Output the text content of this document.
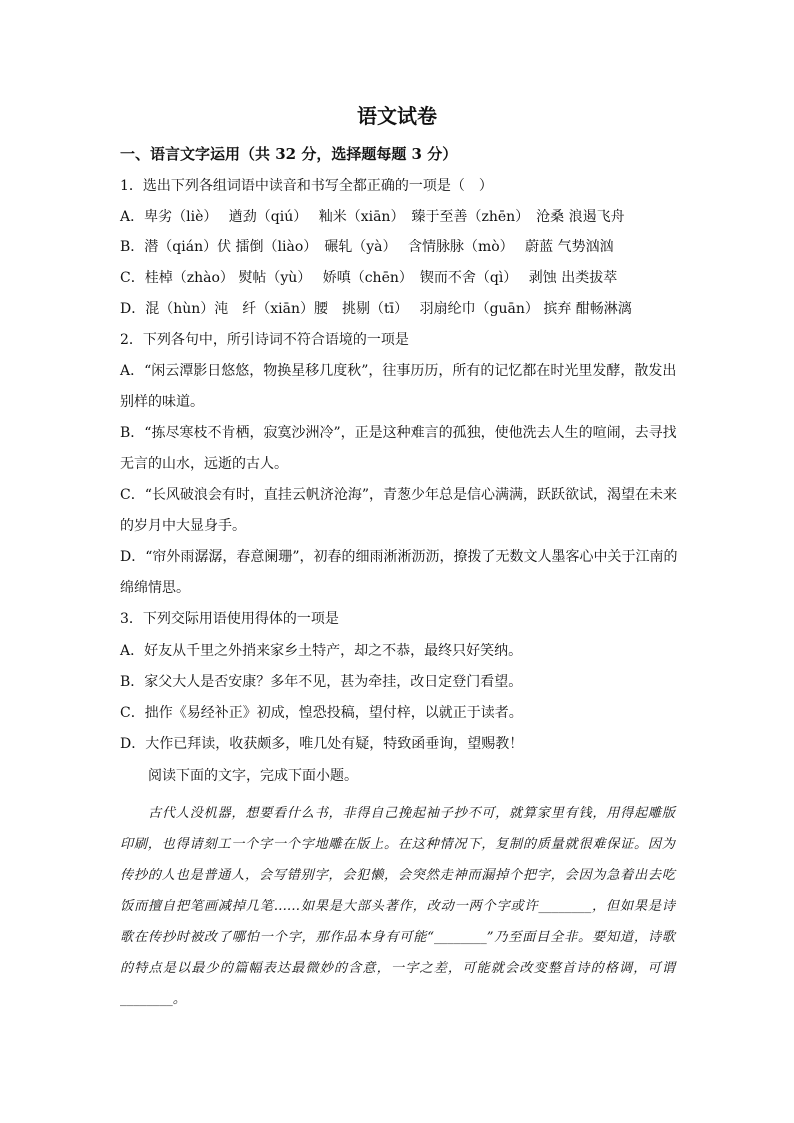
语文试卷
一、语言文字运用（共 32 分，选择题每题 3 分）
1．选出下列各组词语中读音和书写全都正确的一项是（　）
A．卑劣（liè）　 遒劲（qiú）　 籼米（xiān）　臻于至善（zhēn）　沧桑 浪遏飞舟
B．潜（qián）伏 擂倒（liào）　碾轧（yà）　 含情脉脉（mò）　 蔚蓝 气势汹汹
C．桂棹（zhào） 熨帖（yù）　 娇嗔（chēn）　锲而不舍（qì）　 剥蚀 出类拔萃
D．混（hùn）沌　纤（xiān）腰　挑剔（tī）　 羽扇纶巾（guān） 摈弃 酣畅淋漓
2．下列各句中，所引诗词不符合语境的一项是
A．“闲云潭影日悠悠，物换星移几度秋”，往事历历，所有的记忆都在时光里发酵，散发出
别样的味道。
B．“拣尽寒枝不肯栖，寂寞沙洲冷”，正是这种难言的孤独，使他洗去人生的喧闹，去寻找
无言的山水，远逝的古人。
C．“长风破浪会有时，直挂云帆济沧海”，青葱少年总是信心满满，跃跃欲试，渴望在未来
的岁月中大显身手。
D．“帘外雨潺潺，春意阑珊”，初春的细雨淅淅沥沥，撩拨了无数文人墨客心中关于江南的
绵绵情思。
3．下列交际用语使用得体的一项是
A．好友从千里之外捎来家乡土特产，却之不恭，最终只好笑纳。
B．家父大人是否安康？多年不见，甚为牵挂，改日定登门看望。
C．拙作《易经补正》初成，惶恐投稿，望付梓，以就正于读者。
D．大作已拜读，收获颇多，唯几处有疑，特致函垂询，望赐教！
阅读下面的文字，完成下面小题。
古代人没机器，想要看什么书，非得自己挽起袖子抄不可，就算家里有钱，用得起雕版
印刷，也得请刻工一个字一个字地雕在版上。在这种情况下，复制的质量就很难保证。因为
传抄的人也是普通人，会写错别字，会犯懒，会突然走神而漏掉个把字，会因为急着出去吃
饭而擅自把笔画减掉几笔……如果是大部头著作，改动一两个字或许________，但如果是诗
歌在传抄时被改了哪怕一个字，那作品本身有可能“________”乃至面目全非。要知道，诗歌
的特点是以最少的篇幅表达最微妙的含意，一字之差，可能就会改变整首诗的格调，可谓
________。
